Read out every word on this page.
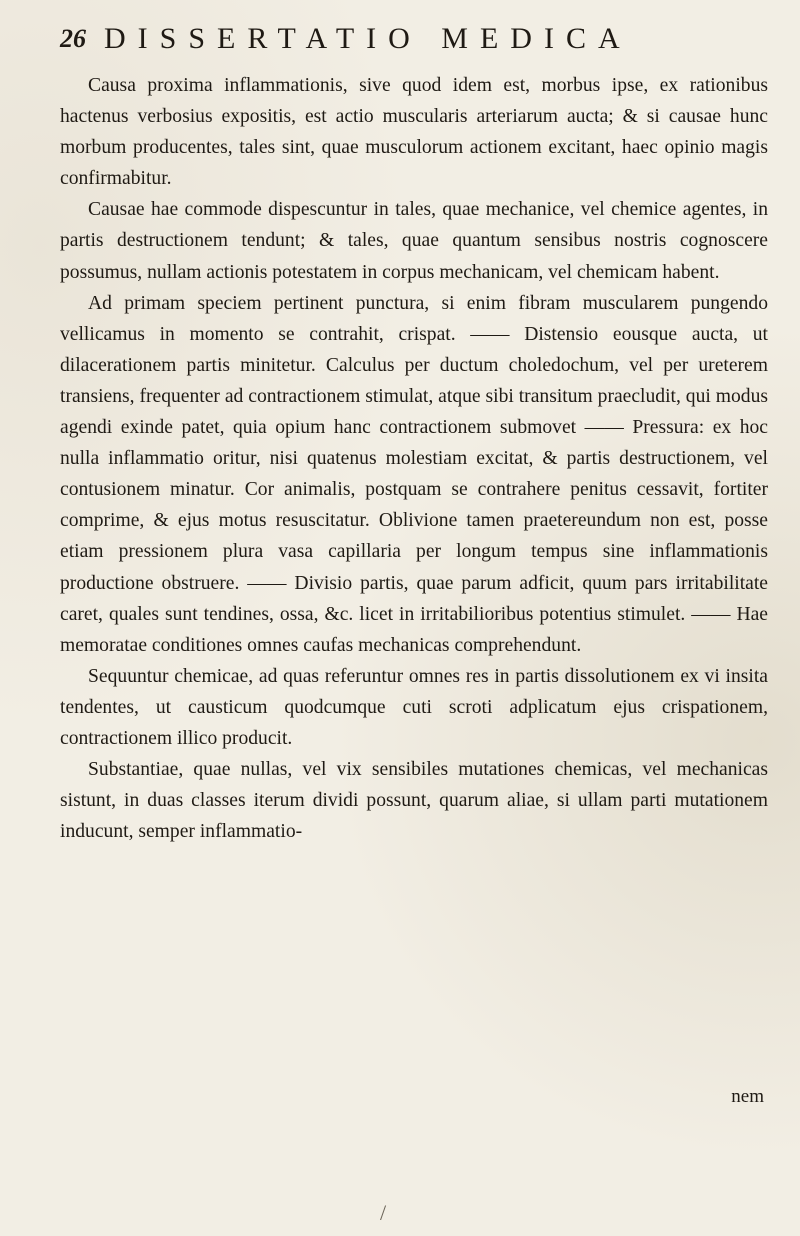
26 DISSERTATIO MEDICA

Causa proxima inflammationis, sive quod idem est, morbus ipse, ex rationibus hactenus verbosius expositis, est actio muscularis arteriarum aucta; & si causae hunc morbum producentes, tales sint, quae musculorum actionem excitant, haec opinio magis confirmabitur.

Causae hae commode dispescuntur in tales, quae mechanice, vel chemice agentes, in partis destructionem tendunt; & tales, quae quantum sensibus nostris cognoscere possumus, nullam actionis potestatem in corpus mechanicam, vel chemicam habent.

Ad primam speciem pertinent punctura, si enim fibram muscularem pungendo vellicamus in momento se contrahit, crispat. —— Distensio eousque aucta, ut dilacerationem partis minitetur. Calculus per ductum choledochum, vel per ureterem transiens, frequenter ad contractionem stimulat, atque sibi transitum praecludit, qui modus agendi exinde patet, quia opium hanc contractionem submovet —— Pressura: ex hoc nulla inflammatio oritur, nisi quatenus molestiam excitat, & partis destructionem, vel contusionem minatur. Cor animalis, postquam se contrahere penitus cessavit, fortiter comprime, & ejus motus resuscitatur. Oblivione tamen praetereundum non est, posse etiam pressionem plura vasa capillaria per longum tempus sine inflammationis productione obstruere. —— Divisio partis, quae parum adficit, quum pars irritabilitate caret, quales sunt tendines, ossa, &c. licet in irritabilioribus potentius stimulet. —— Hae memoratae conditiones omnes caufas mechanicas comprehendunt.

Sequuntur chemicae, ad quas referuntur omnes res in partis dissolutionem ex vi insita tendentes, ut causticum quodcumque cuti scroti adplicatum ejus crispationem, contractionem illico producit.

Substantiae, quae nullas, vel vix sensibiles mutationes chemicas, vel mechanicas sistunt, in duas classes iterum dividi possunt, quarum aliae, si ullam parti mutationem inducunt, semper inflammatio-

nem
/
